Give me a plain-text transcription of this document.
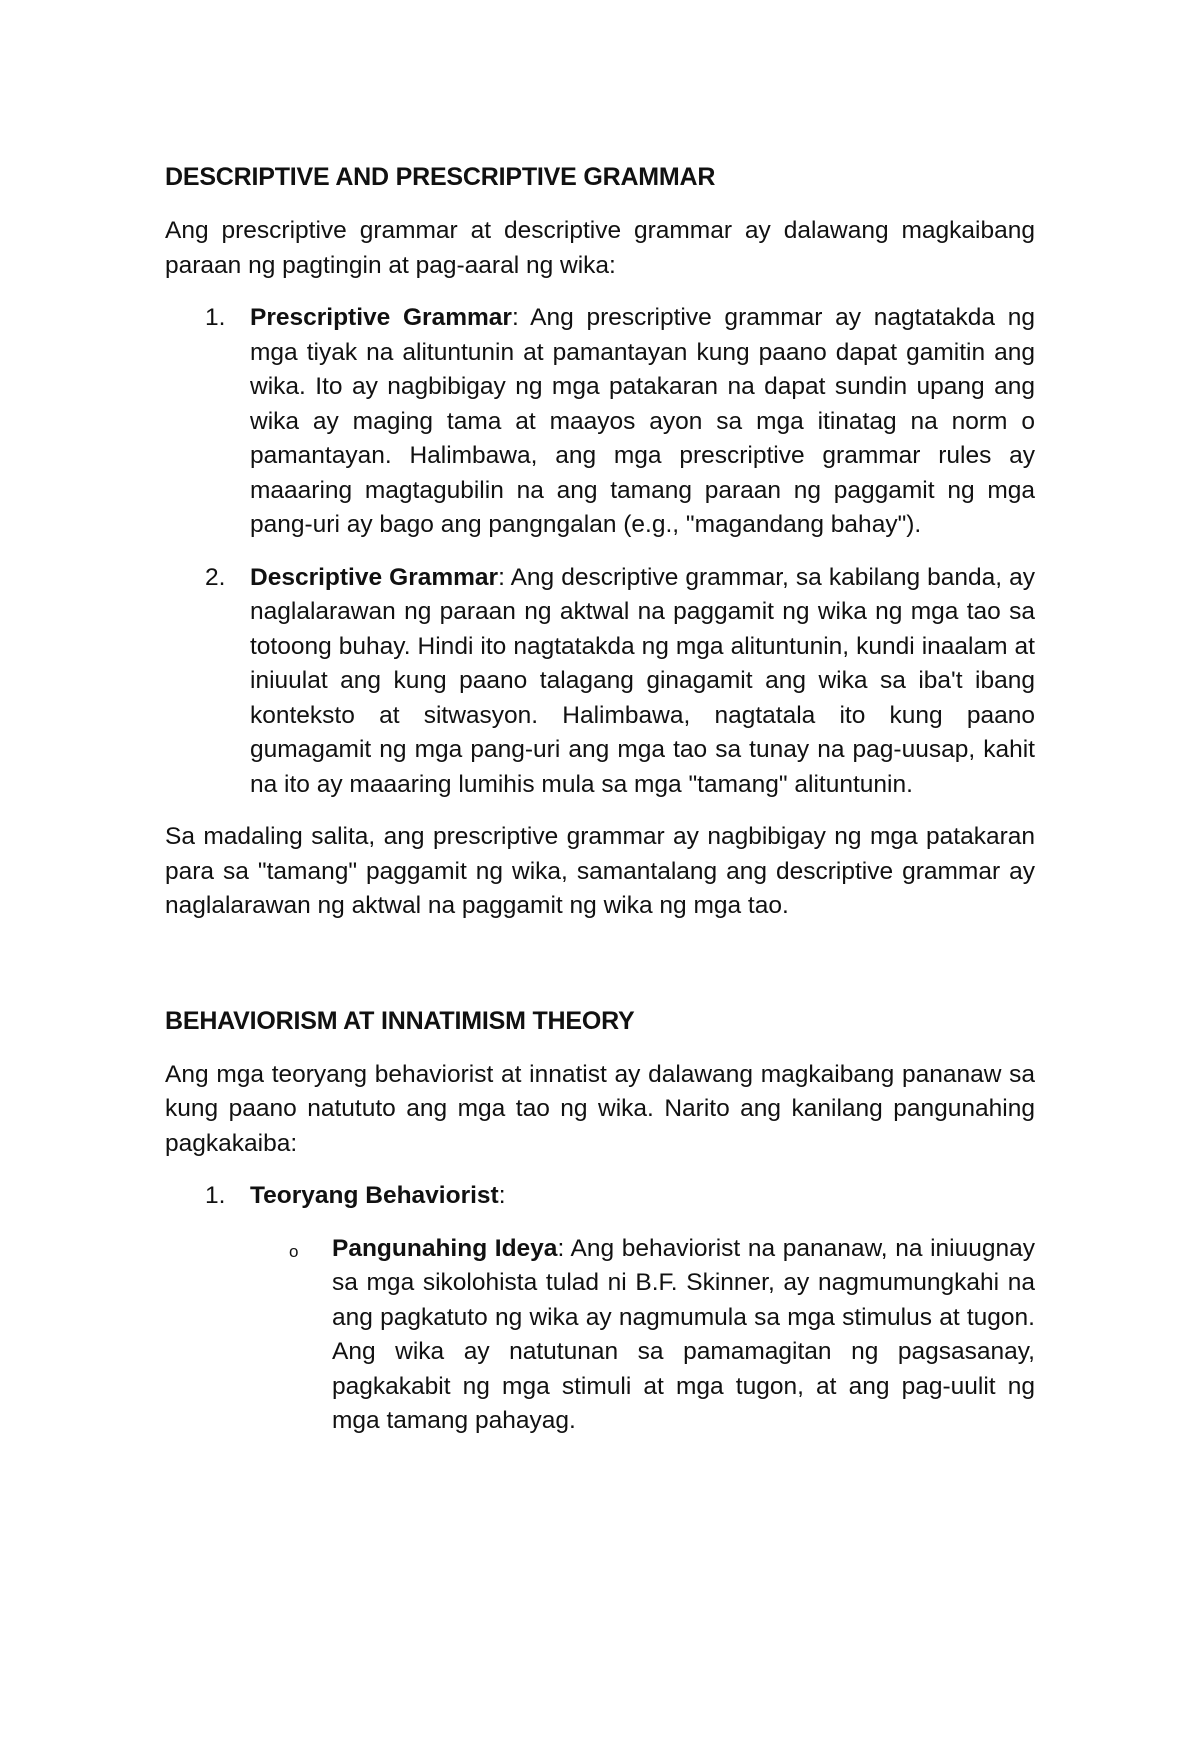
DESCRIPTIVE AND PRESCRIPTIVE GRAMMAR

Ang prescriptive grammar at descriptive grammar ay dalawang magkaibang paraan ng pagtingin at pag-aaral ng wika:

1. Prescriptive Grammar: Ang prescriptive grammar ay nagtatakda ng mga tiyak na alituntunin at pamantayan kung paano dapat gamitin ang wika. Ito ay nagbibigay ng mga patakaran na dapat sundin upang ang wika ay maging tama at maayos ayon sa mga itinatag na norm o pamantayan. Halimbawa, ang mga prescriptive grammar rules ay maaaring magtagubilin na ang tamang paraan ng paggamit ng mga pang-uri ay bago ang pangngalan (e.g., "magandang bahay").
2. Descriptive Grammar: Ang descriptive grammar, sa kabilang banda, ay naglalarawan ng paraan ng aktwal na paggamit ng wika ng mga tao sa totoong buhay. Hindi ito nagtatakda ng mga alituntunin, kundi inaalam at iniuulat ang kung paano talagang ginagamit ang wika sa iba't ibang konteksto at sitwasyon. Halimbawa, nagtatala ito kung paano gumagamit ng mga pang-uri ang mga tao sa tunay na pag-uusap, kahit na ito ay maaaring lumihis mula sa mga "tamang" alituntunin.

Sa madaling salita, ang prescriptive grammar ay nagbibigay ng mga patakaran para sa "tamang" paggamit ng wika, samantalang ang descriptive grammar ay naglalarawan ng aktwal na paggamit ng wika ng mga tao.

BEHAVIORISM AT INNATIMISM THEORY

Ang mga teoryang behaviorist at innatist ay dalawang magkaibang pananaw sa kung paano natututo ang mga tao ng wika. Narito ang kanilang pangunahing pagkakaiba:

1. Teoryang Behaviorist:
o Pangunahing Ideya: Ang behaviorist na pananaw, na iniuugnay sa mga sikolohista tulad ni B.F. Skinner, ay nagmumungkahi na ang pagkatuto ng wika ay nagmumula sa mga stimulus at tugon. Ang wika ay natutunan sa pamamagitan ng pagsasanay, pagkakabit ng mga stimuli at mga tugon, at ang pag-uulit ng mga tamang pahayag.
